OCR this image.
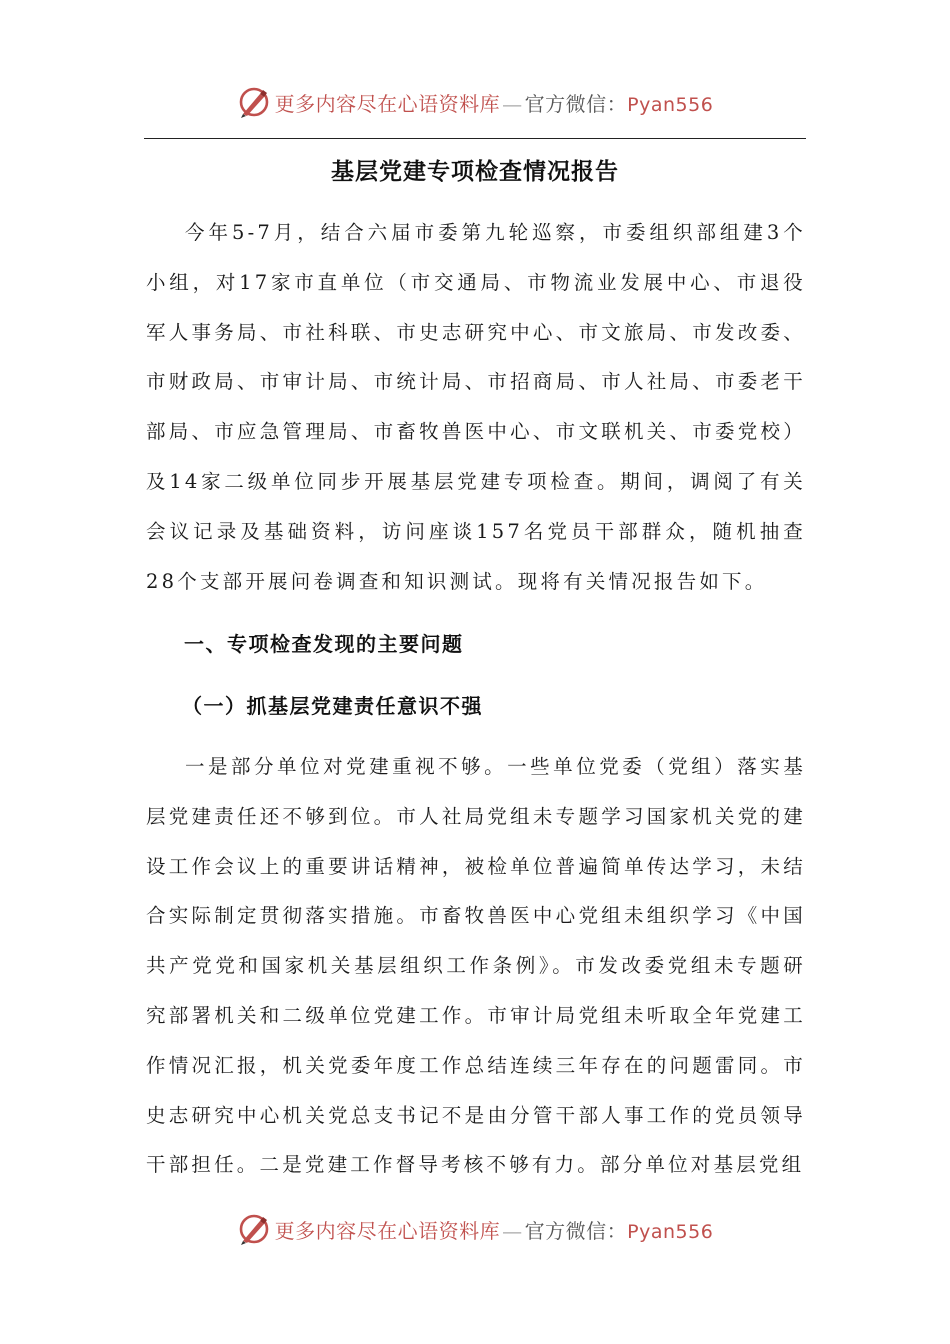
更多内容尽在心语资料库 — 官方微信：Pyan556
基层党建专项检查情况报告

今年5-7月，结合六届市委第九轮巡察，市委组织部组建3个小组，对17家市直单位（市交通局、市物流业发展中心、市退役军人事务局、市社科联、市史志研究中心、市文旅局、市发改委、市财政局、市审计局、市统计局、市招商局、市人社局、市委老干部局、市应急管理局、市畜牧兽医中心、市文联机关、市委党校）及14家二级单位同步开展基层党建专项检查。期间，调阅了有关会议记录及基础资料，访问座谈157名党员干部群众，随机抽查28个支部开展问卷调查和知识测试。现将有关情况报告如下。

一、专项检查发现的主要问题
（一）抓基层党建责任意识不强

一是部分单位对党建重视不够。一些单位党委（党组）落实基层党建责任还不够到位。市人社局党组未专题学习国家机关党的建设工作会议上的重要讲话精神，被检单位普遍简单传达学习，未结合实际制定贯彻落实措施。市畜牧兽医中心党组未组织学习《中国共产党党和国家机关基层组织工作条例》。市发改委党组未专题研究部署机关和二级单位党建工作。市审计局党组未听取全年党建工作情况汇报，机关党委年度工作总结连续三年存在的问题雷同。市史志研究中心机关党总支书记不是由分管干部人事工作的党员领导干部担任。二是党建工作督导考核不够有力。部分单位对基层党组

更多内容尽在心语资料库 — 官方微信：Pyan556
